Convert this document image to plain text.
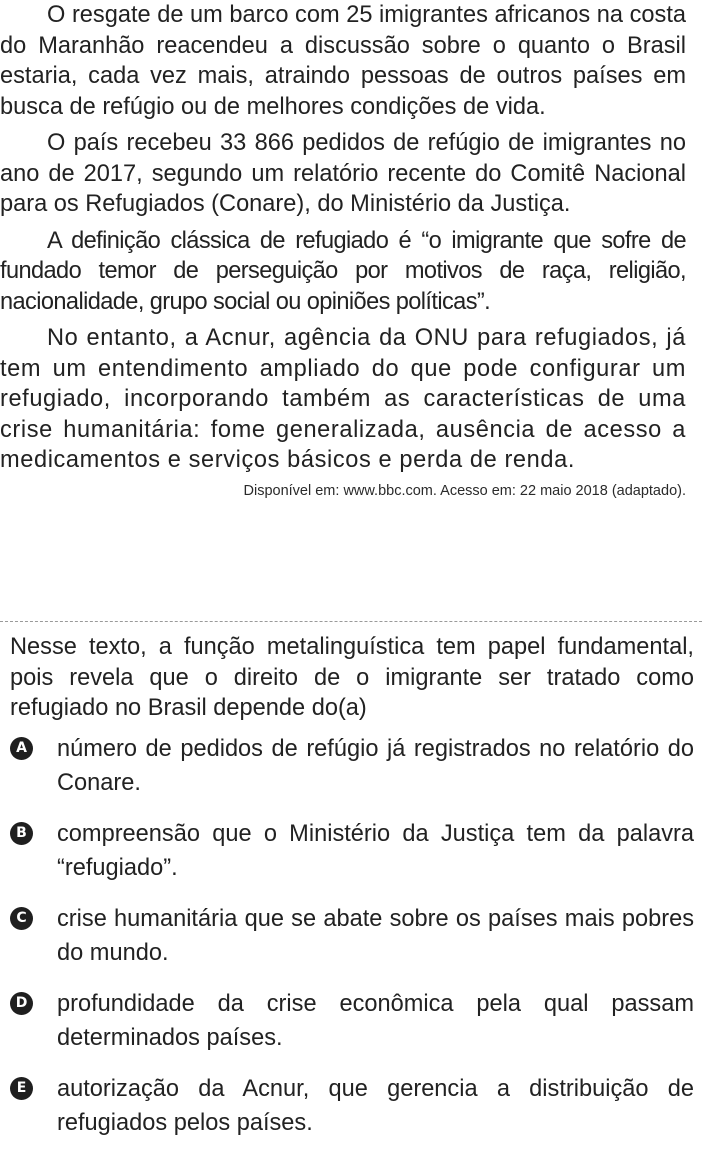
O resgate de um barco com 25 imigrantes africanos na costa do Maranhão reacendeu a discussão sobre o quanto o Brasil estaria, cada vez mais, atraindo pessoas de outros países em busca de refúgio ou de melhores condições de vida.

O país recebeu 33 866 pedidos de refúgio de imigrantes no ano de 2017, segundo um relatório recente do Comitê Nacional para os Refugiados (Conare), do Ministério da Justiça.

A definição clássica de refugiado é “o imigrante que sofre de fundado temor de perseguição por motivos de raça, religião, nacionalidade, grupo social ou opiniões políticas”.

No entanto, a Acnur, agência da ONU para refugiados, já tem um entendimento ampliado do que pode configurar um refugiado, incorporando também as características de uma crise humanitária: fome generalizada, ausência de acesso a medicamentos e serviços básicos e perda de renda.

Disponível em: www.bbc.com. Acesso em: 22 maio 2018 (adaptado).

Nesse texto, a função metalinguística tem papel fundamental, pois revela que o direito de o imigrante ser tratado como refugiado no Brasil depende do(a)

A número de pedidos de refúgio já registrados no relatório do Conare.
B compreensão que o Ministério da Justiça tem da palavra “refugiado”.
C crise humanitária que se abate sobre os países mais pobres do mundo.
D profundidade da crise econômica pela qual passam determinados países.
E autorização da Acnur, que gerencia a distribuição de refugiados pelos países.
